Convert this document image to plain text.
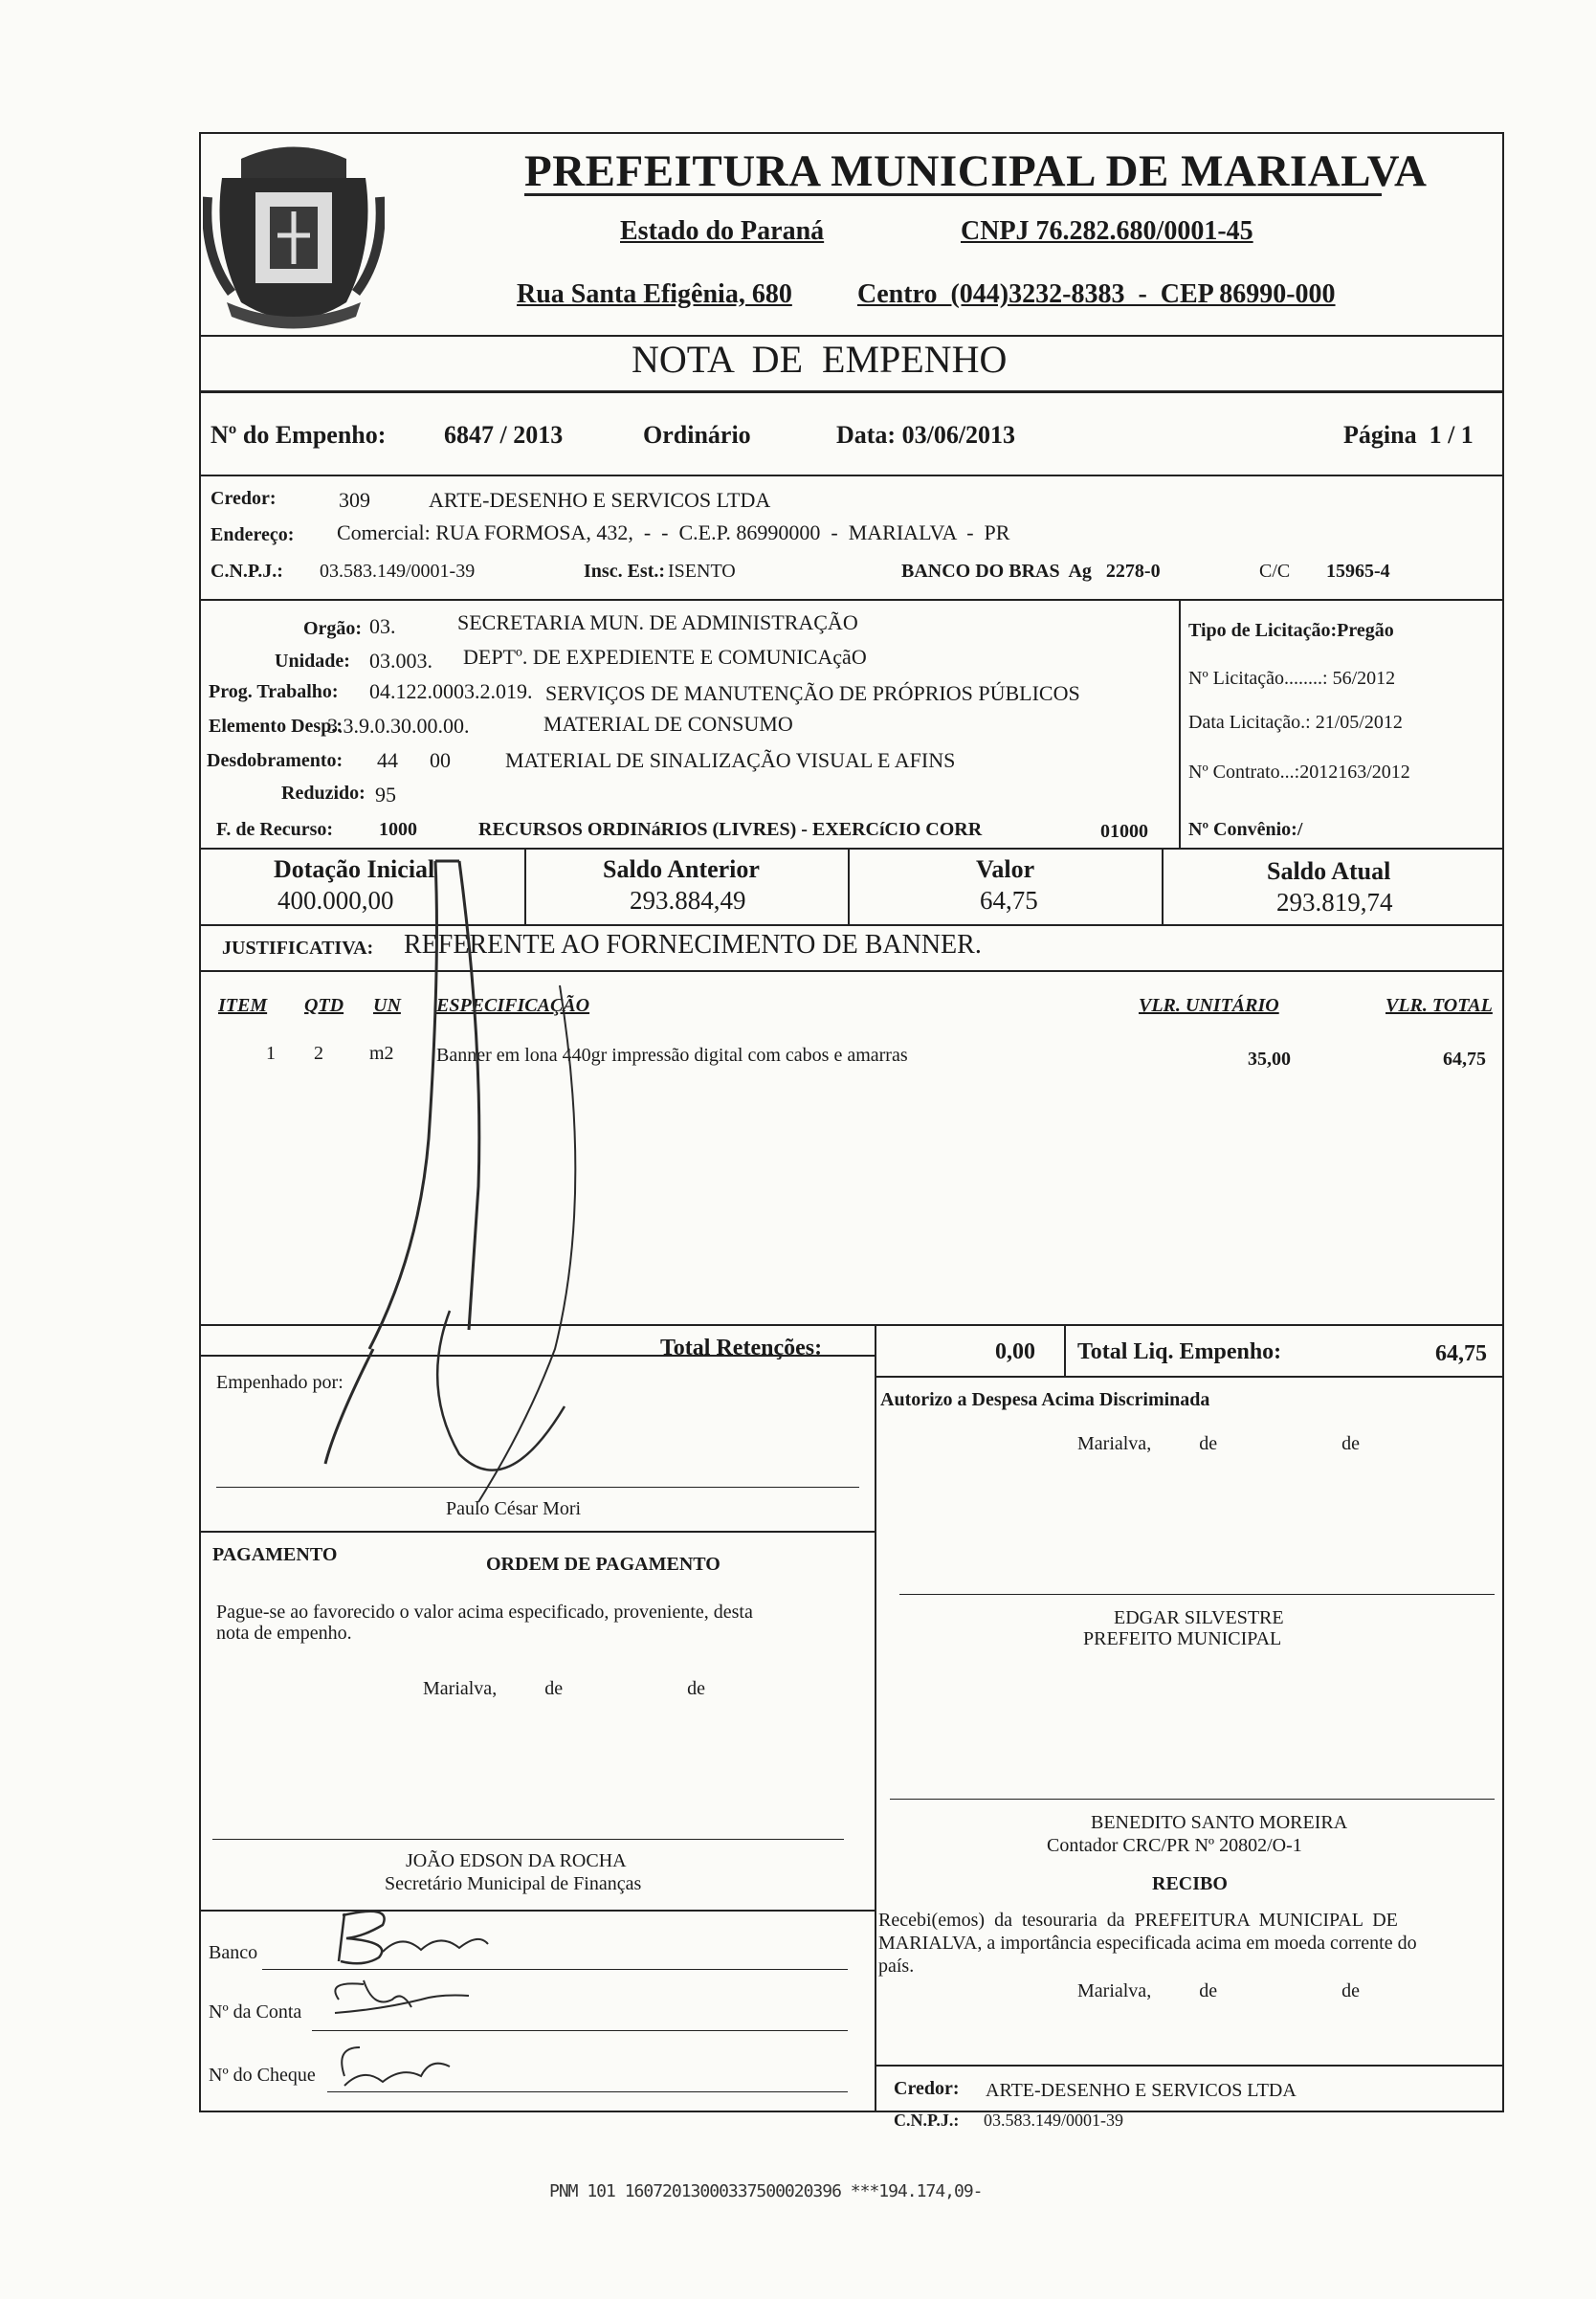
PREFEITURA MUNICIPAL DE MARIALVA
Estado do Paraná	CNPJ 76.282.680/0001-45
Rua Santa Efigênia, 680 Centro  (044)3232-8383  -  CEP 86990-000
NOTA  DE  EMPENHO
Nº do Empenho: 6847 / 2013	Ordinário	Data: 03/06/2013	Página  1 / 1
Credor:	309	ARTE-DESENHO E SERVICOS LTDA
Endereço: Comercial: RUA FORMOSA, 432,  -  -  C.E.P. 86990000  -  MARIALVA  -  PR
C.N.P.J.: 03.583.149/0001-39	Insc. Est.: ISENTO	BANCO DO BRAS  Ag   2278-0	C/C 15965-4
Orgão: 03.	SECRETARIA MUN. DE ADMINISTRAÇÃO
Unidade: 03.003. DEPTº. DE EXPEDIENTE E COMUNICAçãO
Prog. Trabalho: 04.122.0003.2.019. SERVIÇOS DE MANUTENÇÃO DE PRÓPRIOS PÚBLICOS
Elemento Desp.:
3.3.9.0.30.00.00.	MATERIAL DE CONSUMO
Desdobramento: 44      00	MATERIAL DE SINALIZAÇÃO VISUAL E AFINS
Reduzido: 95
F. de Recurso: 1000	RECURSOS ORDINáRIOS (LIVRES) - EXERCíCIO CORR	01000
Tipo de Licitação:Pregão
Nº Licitação........: 56/2012
Data Licitação.: 21/05/2012
Nº Contrato...:2012163/2012
Nº Convênio:/
Dotação Inicial
400.000,00
Saldo Anterior
293.884,49
Valor
64,75
Saldo Atual
293.819,74
JUSTIFICATIVA: REFERENTE AO FORNECIMENTO DE BANNER.
ITEM QTD UN ESPECIFICAÇÃO	VLR. UNITÁRIO	VLR. TOTAL
1 2 m2 Banner em lona 440gr impressão digital com cabos e amarras	35,00	64,75
Total Retenções:	0,00 Total Liq. Empenho:	64,75
Empenhado por:
Paulo César Mori
PAGAMENTO	ORDEM DE PAGAMENTO
Pague-se ao favorecido o valor acima especificado, proveniente, desta
nota de empenho.
Marialva,          de                          de
JOÃO EDSON DA ROCHA
Secretário Municipal de Finanças
Banco
Nº da Conta
Nº do Cheque
Autorizo a Despesa Acima Discriminada
Marialva,          de                          de
EDGAR SILVESTRE
PREFEITO MUNICIPAL
BENEDITO SANTO MOREIRA
Contador CRC/PR Nº 20802/O-1
RECIBO
Recebi(emos)  da  tesouraria  da  PREFEITURA  MUNICIPAL  DE
MARIALVA, a importância especificada acima em moeda corrente do
país.
Marialva,          de                          de
Credor: ARTE-DESENHO E SERVICOS LTDA
C.N.P.J.: 03.583.149/0001-39
PNM 101 16072013000337500020396 ***194.174,09-
